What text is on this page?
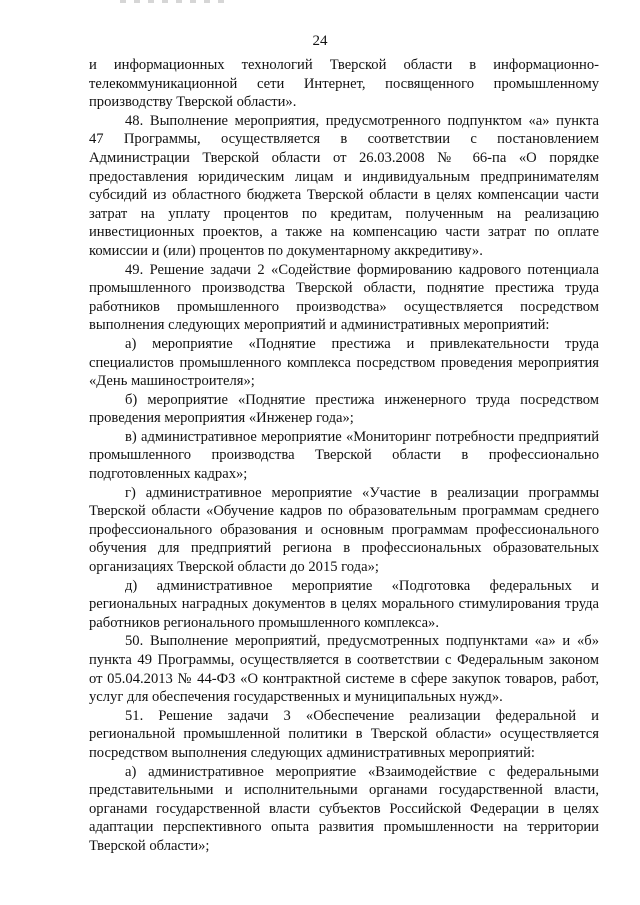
24

и информационных технологий Тверской области в информационно-телекоммуникационной сети Интернет, посвященного промышленному производству Тверской области».

48. Выполнение мероприятия, предусмотренного подпунктом «а» пункта 47 Программы, осуществляется в соответствии с постановлением Администрации Тверской области от 26.03.2008 № 66-па «О порядке предоставления юридическим лицам и индивидуальным предпринимателям субсидий из областного бюджета Тверской области в целях компенсации части затрат на уплату процентов по кредитам, полученным на реализацию инвестиционных проектов, а также на компенсацию части затрат по оплате комиссии и (или) процентов по документарному аккредитиву».

49. Решение задачи 2 «Содействие формированию кадрового потенциала промышленного производства Тверской области, поднятие престижа труда работников промышленного производства» осуществляется посредством выполнения следующих мероприятий и административных мероприятий:

а) мероприятие «Поднятие престижа и привлекательности труда специалистов промышленного комплекса посредством проведения мероприятия «День машиностроителя»;

б) мероприятие «Поднятие престижа инженерного труда посредством проведения мероприятия «Инженер года»;

в) административное мероприятие «Мониторинг потребности предприятий промышленного производства Тверской области в профессионально подготовленных кадрах»;

г) административное мероприятие «Участие в реализации программы Тверской области «Обучение кадров по образовательным программам среднего профессионального образования и основным программам профессионального обучения для предприятий региона в профессиональных образовательных организациях Тверской области до 2015 года»;

д) административное мероприятие «Подготовка федеральных и региональных наградных документов в целях морального стимулирования труда работников регионального промышленного комплекса».

50. Выполнение мероприятий, предусмотренных подпунктами «а» и «б» пункта 49 Программы, осуществляется в соответствии с Федеральным законом от 05.04.2013 № 44-ФЗ «О контрактной системе в сфере закупок товаров, работ, услуг для обеспечения государственных и муниципальных нужд».

51. Решение задачи 3 «Обеспечение реализации федеральной и региональной промышленной политики в Тверской области» осуществляется посредством выполнения следующих административных мероприятий:

а) административное мероприятие «Взаимодействие с федеральными представительными и исполнительными органами государственной власти, органами государственной власти субъектов Российской Федерации в целях адаптации перспективного опыта развития промышленности на территории Тверской области»;
